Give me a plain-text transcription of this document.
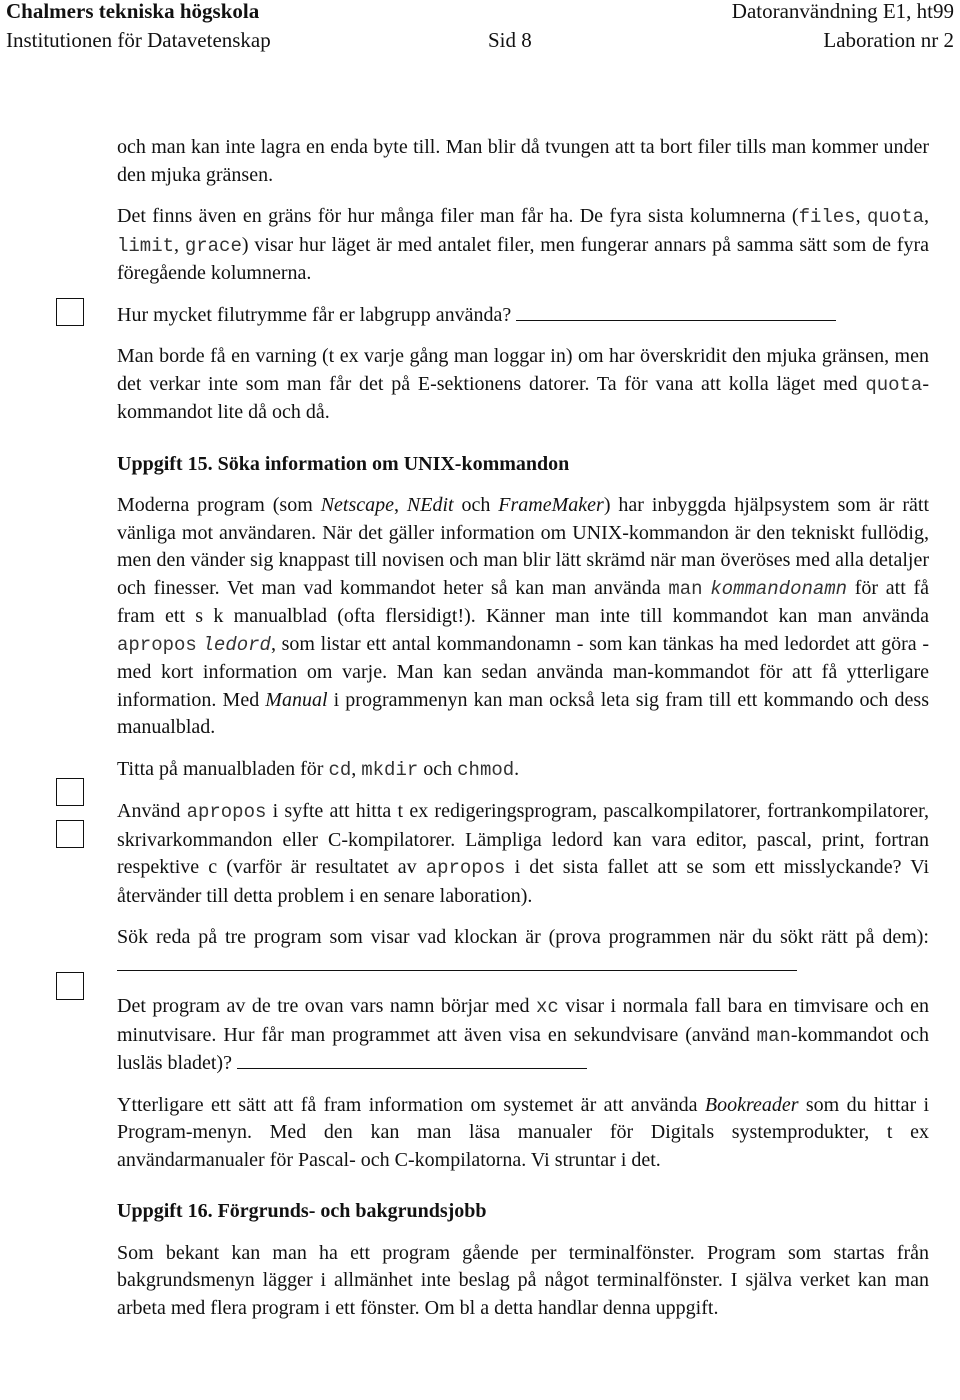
Chalmers tekniska högskola	Datoranvändning E1, ht99
Institutionen för Datavetenskap	Sid 8	Laboration nr 2

och man kan inte lagra en enda byte till. Man blir då tvungen att ta bort filer tills man kommer under den mjuka gränsen.

Det finns även en gräns för hur många filer man får ha. De fyra sista kolumnerna (files, quota, limit, grace) visar hur läget är med antalet filer, men fungerar annars på samma sätt som de fyra föregående kolumnerna.

Hur mycket filutrymme får er labgrupp använda?

Man borde få en varning (t ex varje gång man loggar in) om har överskridit den mjuka gränsen, men det verkar inte som man får det på E-sektionens datorer. Ta för vana att kolla läget med quota-kommandot lite då och då.

Uppgift 15. Söka information om UNIX-kommandon

Moderna program (som Netscape, NEdit och FrameMaker) har inbyggda hjälpsystem som är rätt vänliga mot användaren. När det gäller information om UNIX-kommandon är den tekniskt fullödig, men den vänder sig knappast till novisen och man blir lätt skrämd när man överöses med alla detaljer och finesser. Vet man vad kommandot heter så kan man använda man kommandonamn för att få fram ett s k manualblad (ofta flersidigt!). Känner man inte till kommandot kan man använda apropos ledord, som listar ett antal kommandonamn - som kan tänkas ha med ledordet att göra - med kort information om varje. Man kan sedan använda man-kommandot för att få ytterligare information. Med Manual i programmenyn kan man också leta sig fram till ett kommando och dess manualblad.

Titta på manualbladen för cd, mkdir och chmod.

Använd apropos i syfte att hitta t ex redigeringsprogram, pascalkompilatorer, fortrankompilatorer, skrivarkommandon eller C-kompilatorer. Lämpliga ledord kan vara editor, pascal, print, fortran respektive c (varför är resultatet av apropos i det sista fallet att se som ett misslyckande? Vi återvänder till detta problem i en senare laboration).

Sök reda på tre program som visar vad klockan är (prova programmen när du sökt rätt på dem):

Det program av de tre ovan vars namn börjar med xc visar i normala fall bara en timvisare och en minutvisare. Hur får man programmet att även visa en sekundvisare (använd man-kommandot och lusläs bladet)?

Ytterligare ett sätt att få fram information om systemet är att använda Bookreader som du hittar i Program-menyn. Med den kan man läsa manualer för Digitals systemprodukter, t ex användarmanualer för Pascal- och C-kompilatorna. Vi struntar i det.

Uppgift 16. Förgrunds- och bakgrundsjobb

Som bekant kan man ha ett program gående per terminalfönster. Program som startas från bakgrundsmenyn lägger i allmänhet inte beslag på något terminalfönster. I själva verket kan man arbeta med flera program i ett fönster. Om bl a detta handlar denna uppgift.
